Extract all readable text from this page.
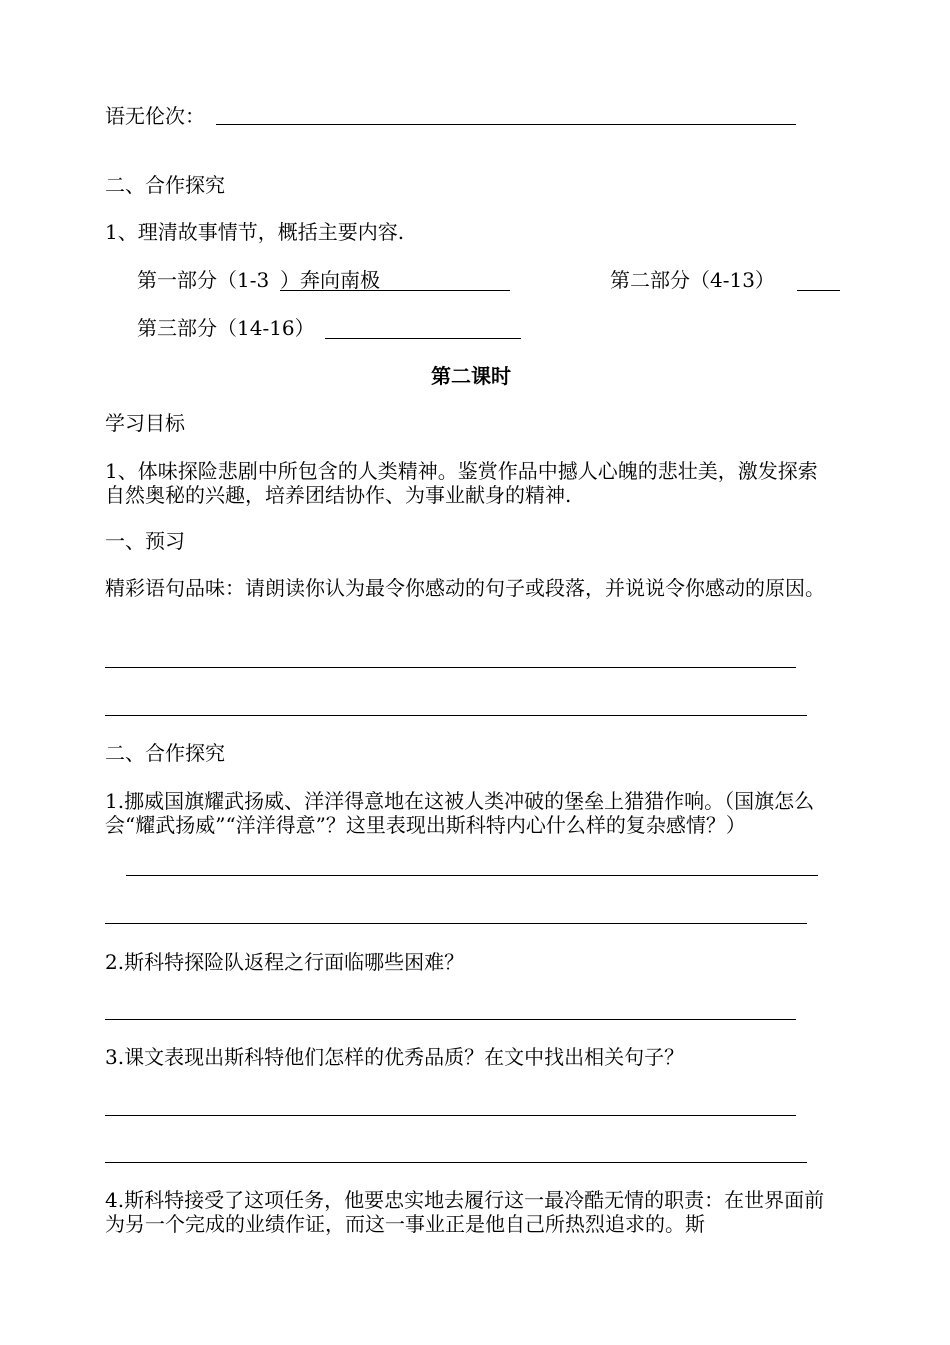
语无伦次：
二、合作探究
1、理清故事情节，概括主要内容.
第一部分（1-3 ）奔向南极	第二部分（4-13）
第三部分（14-16）
第二课时
学习目标
1、体味探险悲剧中所包含的人类精神。鉴赏作品中撼人心魄的悲壮美，激发探索自然奥秘的兴趣，培养团结协作、为事业献身的精神.
一、预习
精彩语句品味：请朗读你认为最令你感动的句子或段落，并说说令你感动的原因。
二、合作探究
1.挪威国旗耀武扬威、洋洋得意地在这被人类冲破的堡垒上猎猎作响。（国旗怎么会“耀武扬威”“洋洋得意”？这里表现出斯科特内心什么样的复杂感情？）
2.斯科特探险队返程之行面临哪些困难？
3.课文表现出斯科特他们怎样的优秀品质？在文中找出相关句子？
4.斯科特接受了这项任务，他要忠实地去履行这一最冷酷无情的职责：在世界面前为另一个完成的业绩作证，而这一事业正是他自己所热烈追求的。斯
